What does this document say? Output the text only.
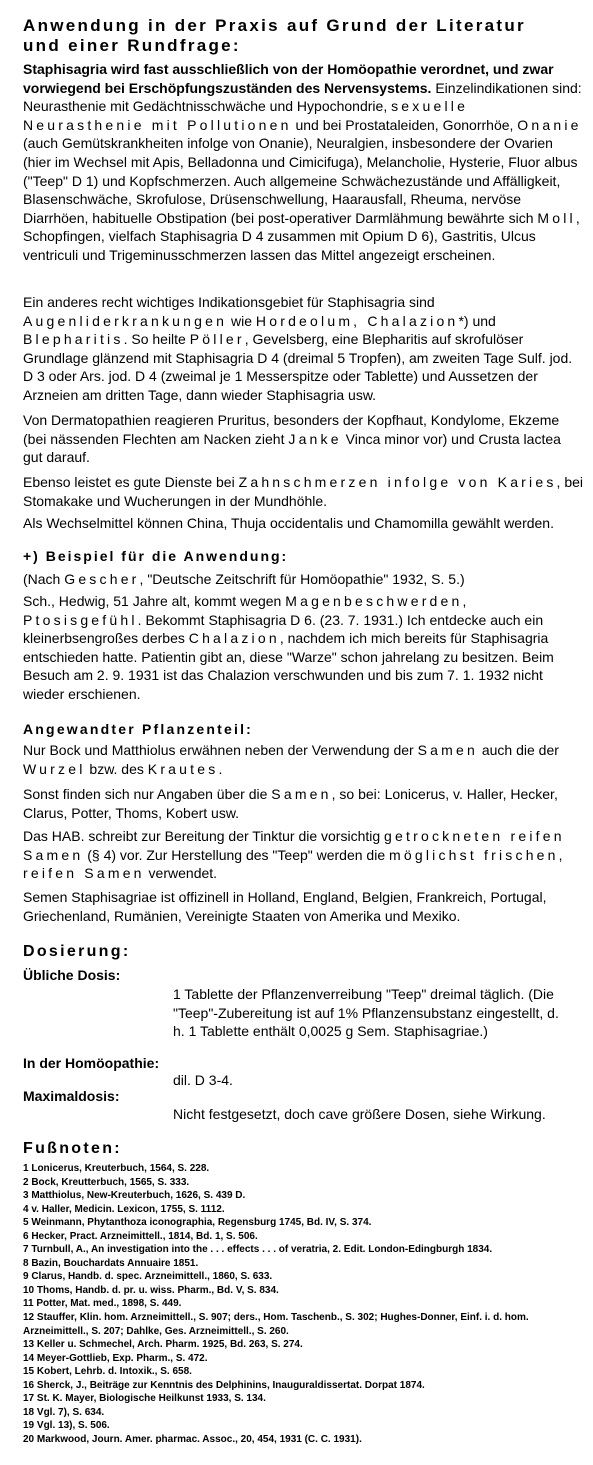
Anwendung in der Praxis auf Grund der Literatur
und einer Rundfrage:

Staphisagria wird fast ausschließlich von der Homöopathie verordnet, und zwar vorwiegend bei Erschöpfungszuständen des Nervensystems. Einzelindikationen sind: Neurasthenie mit Gedächtnisschwäche und Hypochondrie, sexuelle Neurasthenie mit Pollutionen und bei Prostataleiden, Gonorrhöe, Onanie (auch Gemütskrankheiten infolge von Onanie), Neuralgien, insbesondere der Ovarien (hier im Wechsel mit Apis, Belladonna und Cimicifuga), Melancholie, Hysterie, Fluor albus ("Teep" D 1) und Kopfschmerzen. Auch allgemeine Schwächezustände und Affälligkeit, Blasenschwäche, Skrofulose, Drüsenschwellung, Haarausfall, Rheuma, nervöse Diarrhöen, habituelle Obstipation (bei post-operativer Darmlähmung bewährte sich Moll, Schopfingen, vielfach Staphisagria D 4 zusammen mit Opium D 6), Gastritis, Ulcus ventriculi und Trigeminusschmerzen lassen das Mittel angezeigt erscheinen.

Ein anderes recht wichtiges Indikationsgebiet für Staphisagria sind Augenliderkrankungen wie Hordeolum, Chalazion*) und Blepharitis. So heilte Pöller, Gevelsberg, eine Blepharitis auf skrofulöser Grundlage glänzend mit Staphisagria D 4 (dreimal 5 Tropfen), am zweiten Tage Sulf. jod. D 3 oder Ars. jod. D 4 (zweimal je 1 Messerspitze oder Tablette) und Aussetzen der Arzneien am dritten Tage, dann wieder Staphisagria usw.

Von Dermatopathien reagieren Pruritus, besonders der Kopfhaut, Kondylome, Ekzeme (bei nässenden Flechten am Nacken zieht Janke Vinca minor vor) und Crusta lactea gut darauf.

Ebenso leistet es gute Dienste bei Zahnschmerzen infolge von Karies, bei Stomakake und Wucherungen in der Mundhöhle.

Als Wechselmittel können China, Thuja occidentalis und Chamomilla gewählt werden.

+) Beispiel für die Anwendung:

(Nach Gescher, "Deutsche Zeitschrift für Homöopathie" 1932, S. 5.)

Sch., Hedwig, 51 Jahre alt, kommt wegen Magenbeschwerden, Ptosisgefühl. Bekommt Staphisagria D 6. (23. 7. 1931.) Ich entdecke auch ein kleinerbsengroßes derbes Chalazion, nachdem ich mich bereits für Staphisagria entschieden hatte. Patientin gibt an, diese "Warze" schon jahrelang zu besitzen. Beim Besuch am 2. 9. 1931 ist das Chalazion verschwunden und bis zum 7. 1. 1932 nicht wieder erschienen.

Angewandter Pflanzenteil:

Nur Bock und Matthiolus erwähnen neben der Verwendung der Samen auch die der Wurzel bzw. des Krautes.

Sonst finden sich nur Angaben über die Samen, so bei: Lonicerus, v. Haller, Hecker, Clarus, Potter, Thoms, Kobert usw.

Das HAB. schreibt zur Bereitung der Tinktur die vorsichtig getrockneten reifen Samen (§ 4) vor. Zur Herstellung des "Teep" werden die möglichst frischen, reifen Samen verwendet.

Semen Staphisagriae ist offizinell in Holland, England, Belgien, Frankreich, Portugal, Griechenland, Rumänien, Vereinigte Staaten von Amerika und Mexiko.

Dosierung:

Übliche Dosis:

1 Tablette der Pflanzenverreibung "Teep" dreimal täglich. (Die "Teep"-Zubereitung ist auf 1% Pflanzensubstanz eingestellt, d. h. 1 Tablette enthält 0,0025 g Sem. Staphisagriae.)

In der Homöopathie:

dil. D 3-4.

Maximaldosis:

Nicht festgesetzt, doch cave größere Dosen, siehe Wirkung.

Fußnoten:
1 Lonicerus, Kreuterbuch, 1564, S. 228.
2 Bock, Kreutterbuch, 1565, S. 333.
3 Matthiolus, New-Kreuterbuch, 1626, S. 439 D.
4 v. Haller, Medicin. Lexicon, 1755, S. 1112.
5 Weinmann, Phytanthoza iconographia, Regensburg 1745, Bd. IV, S. 374.
6 Hecker, Pract. Arzneimittell., 1814, Bd. 1, S. 506.
7 Turnbull, A., An investigation into the . . . effects . . . of veratria, 2. Edit. London-Edingburgh 1834.
8 Bazin, Bouchardats Annuaire 1851.
9 Clarus, Handb. d. spec. Arzneimittell., 1860, S. 633.
10 Thoms, Handb. d. pr. u. wiss. Pharm., Bd. V, S. 834.
11 Potter, Mat. med., 1898, S. 449.
12 Stauffer, Klin. hom. Arzneimittell., S. 907; ders., Hom. Taschenb., S. 302; Hughes-Donner, Einf. i. d. hom. Arzneimittell., S. 207; Dahlke, Ges. Arzneimittell., S. 260.
13 Keller u. Schmechel, Arch. Pharm. 1925, Bd. 263, S. 274.
14 Meyer-Gottlieb, Exp. Pharm., S. 472.
15 Kobert, Lehrb. d. Intoxik., S. 658.
16 Sherck, J., Beiträge zur Kenntnis des Delphinins, Inauguraldissertat. Dorpat 1874.
17 St. K. Mayer, Biologische Heilkunst 1933, S. 134.
18 Vgl. 7), S. 634.
19 Vgl. 13), S. 506.
20 Markwood, Journ. Amer. pharmac. Assoc., 20, 454, 1931 (C. C. 1931).
